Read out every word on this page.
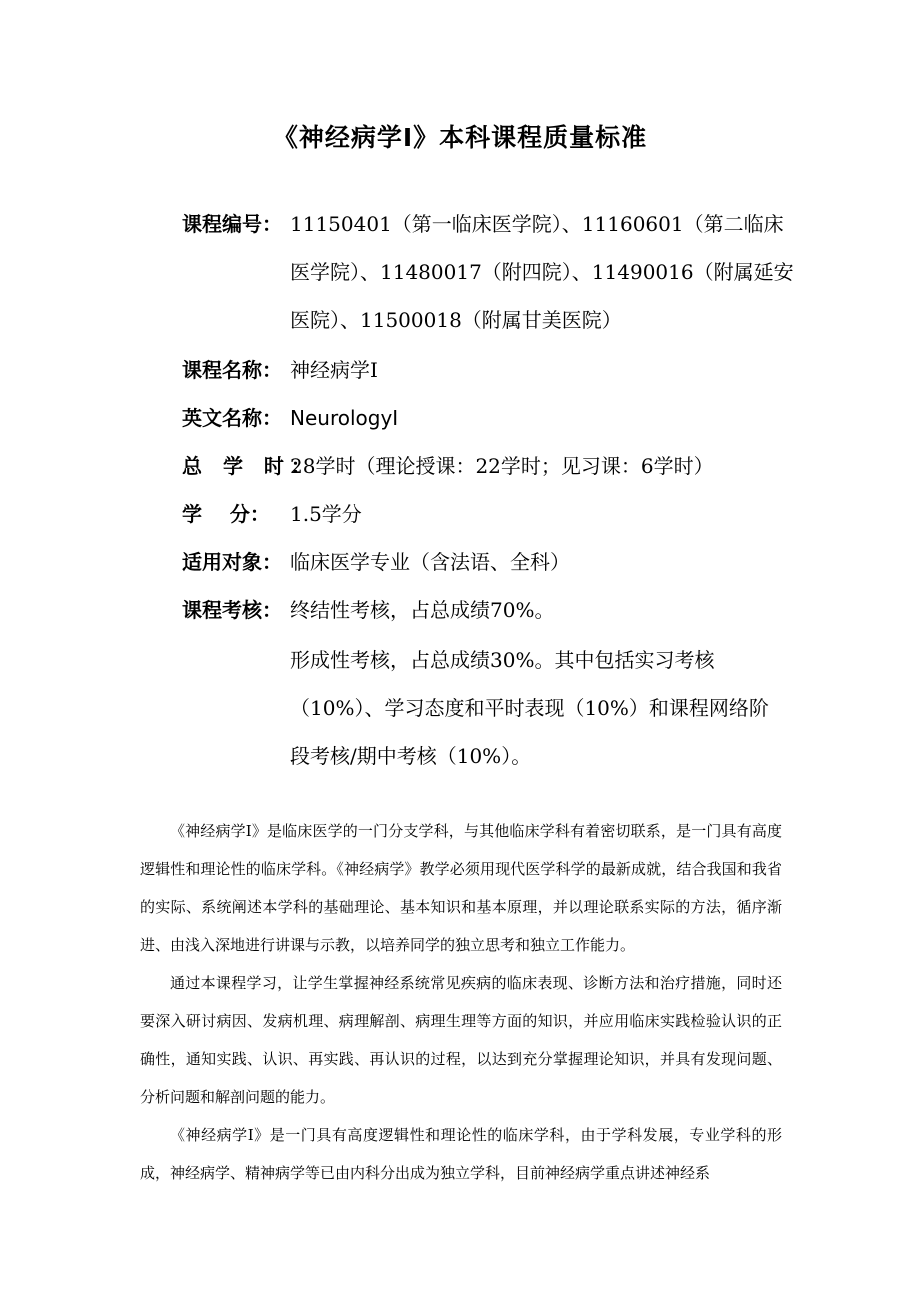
《神经病学Ⅰ》本科课程质量标准
课程编号： 11150401（第一临床医学院）、11160601（第二临床
医学院）、11480017（附四院）、11490016（附属延安
医院）、11500018（附属甘美医院）
课程名称： 神经病学Ⅰ
英文名称： NeurologyⅠ
总 学 时：
28学时（理论授课：22学时；见习课：6学时）
学    分：	1.5学分
适用对象： 临床医学专业（含法语、全科）
课程考核： 终结性考核，占总成绩70%。
形成性考核，占总成绩30%。其中包括实习考核（10%）、学习态度和平时表现（10%）和课程网络阶段考核/期中考核（10%）。

《神经病学Ⅰ》是临床医学的一门分支学科，与其他临床学科有着密切联系，是一门具有高度逻辑性和理论性的临床学科。《神经病学》教学必须用现代医学科学的最新成就，结合我国和我省的实际、系统阐述本学科的基础理论、基本知识和基本原理，并以理论联系实际的方法，循序渐进、由浅入深地进行讲课与示教，以培养同学的独立思考和独立工作能力。

通过本课程学习，让学生掌握神经系统常见疾病的临床表现、诊断方法和治疗措施，同时还要深入研讨病因、发病机理、病理解剖、病理生理等方面的知识，并应用临床实践检验认识的正确性，通知实践、认识、再实践、再认识的过程，以达到充分掌握理论知识，并具有发现问题、分析问题和解剖问题的能力。

《神经病学Ⅰ》是一门具有高度逻辑性和理论性的临床学科，由于学科发展，专业学科的形成，神经病学、精神病学等已由内科分出成为独立学科，目前神经病学重点讲述神经系
